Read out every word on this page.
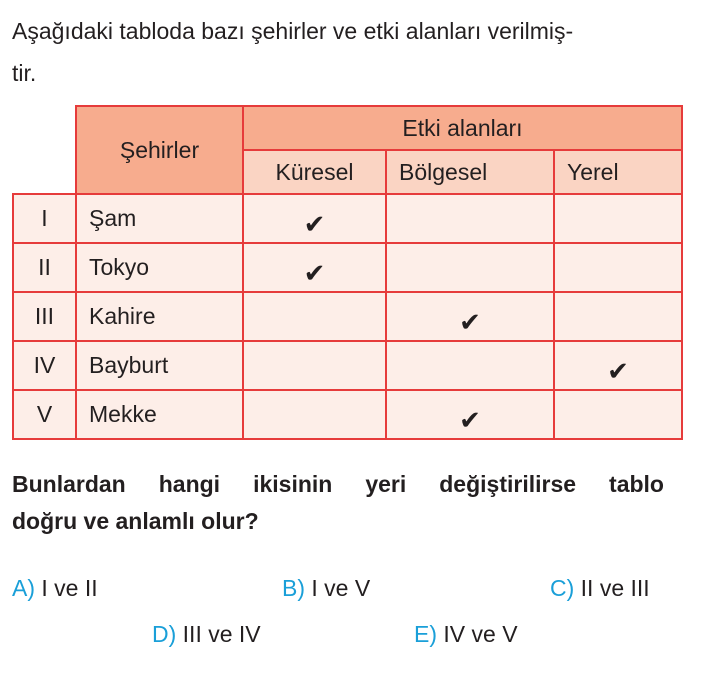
Aşağıdaki tabloda bazı şehirler ve etki alanları verilmiş-
tir.

	Şehirler	Etki alanları		
		Küresel	Bölgesel	Yerel
I	Şam	✔		
II	Tokyo	✔		
III	Kahire		✔	
IV	Bayburt			✔
V	Mekke		✔	
Bunlardan hangi ikisinin yeri değiştirilirse tablo
doğru ve anlamlı olur?
A) I ve II	B) I ve V	C) II ve III
D) III ve IV	E) IV ve V
